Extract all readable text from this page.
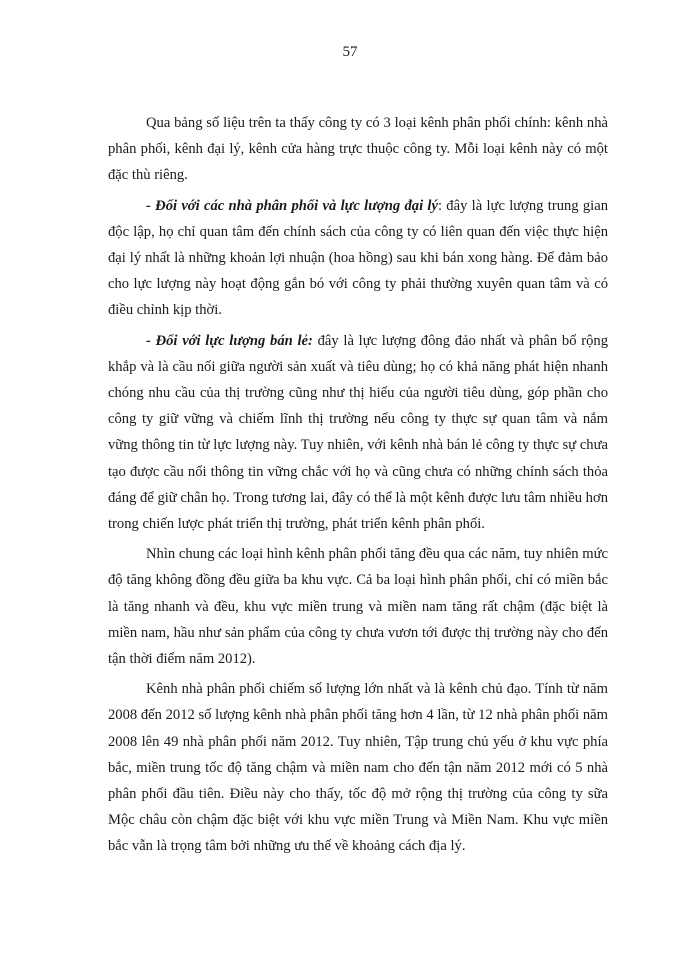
57

Qua bảng số liệu trên ta thấy công ty có 3 loại kênh phân phối chính: kênh nhà phân phối, kênh đại lý, kênh cửa hàng trực thuộc công ty. Mỗi loại kênh này có một đặc thù riêng.

- Đối với các nhà phân phối và lực lượng đại lý: đây là lực lượng trung gian độc lập, họ chỉ quan tâm đến chính sách của công ty có liên quan đến việc thực hiện đại lý nhất là những khoản lợi nhuận (hoa hồng) sau khi bán xong hàng. Để đảm bảo cho lực lượng này hoạt động gắn bó với công ty phải thường xuyên quan tâm và có điều chỉnh kịp thời.

- Đối với lực lượng bán lẻ: đây là lực lượng đông đảo nhất và phân bổ rộng khắp và là cầu nối giữa người sản xuất và tiêu dùng; họ có khả năng phát hiện nhanh chóng nhu cầu của thị trường cũng như thị hiếu của người tiêu dùng, góp phần cho công ty giữ vững và chiếm lĩnh thị trường nếu công ty thực sự quan tâm và nắm vững thông tin từ lực lượng này. Tuy nhiên, với kênh nhà bán lẻ công ty thực sự chưa tạo được cầu nối thông tin vững chắc với họ và cũng chưa có những chính sách thỏa đáng để giữ chân họ. Trong tương lai, đây có thể là một kênh được lưu tâm nhiều hơn trong chiến lược phát triển thị trường, phát triển kênh phân phối.

Nhìn chung các loại hình kênh phân phối tăng đều qua các năm, tuy nhiên mức độ tăng không đồng đều giữa ba khu vực. Cả ba loại hình phân phối, chỉ có miền bắc là tăng nhanh và đều, khu vực miền trung và miền nam tăng rất chậm (đặc biệt là miền nam, hầu như sản phẩm của công ty chưa vươn tới được thị trường này cho đến tận thời điểm năm 2012).

Kênh nhà phân phối chiếm số lượng lớn nhất và là kênh chủ đạo. Tính từ năm 2008 đến 2012 số lượng kênh nhà phân phối tăng hơn 4 lần, từ 12 nhà phân phối năm 2008 lên 49 nhà phân phối năm 2012. Tuy nhiên, Tập trung chủ yếu ở khu vực phía bắc, miền trung tốc độ tăng chậm và miền nam cho đến tận năm 2012 mới có 5 nhà phân phối đầu tiên. Điều này cho thấy, tốc độ mở rộng thị trường của công ty sữa Mộc châu còn chậm đặc biệt với khu vực miền Trung và Miền Nam. Khu vực miền bắc vẫn là trọng tâm bởi những ưu thế về khoảng cách địa lý.
